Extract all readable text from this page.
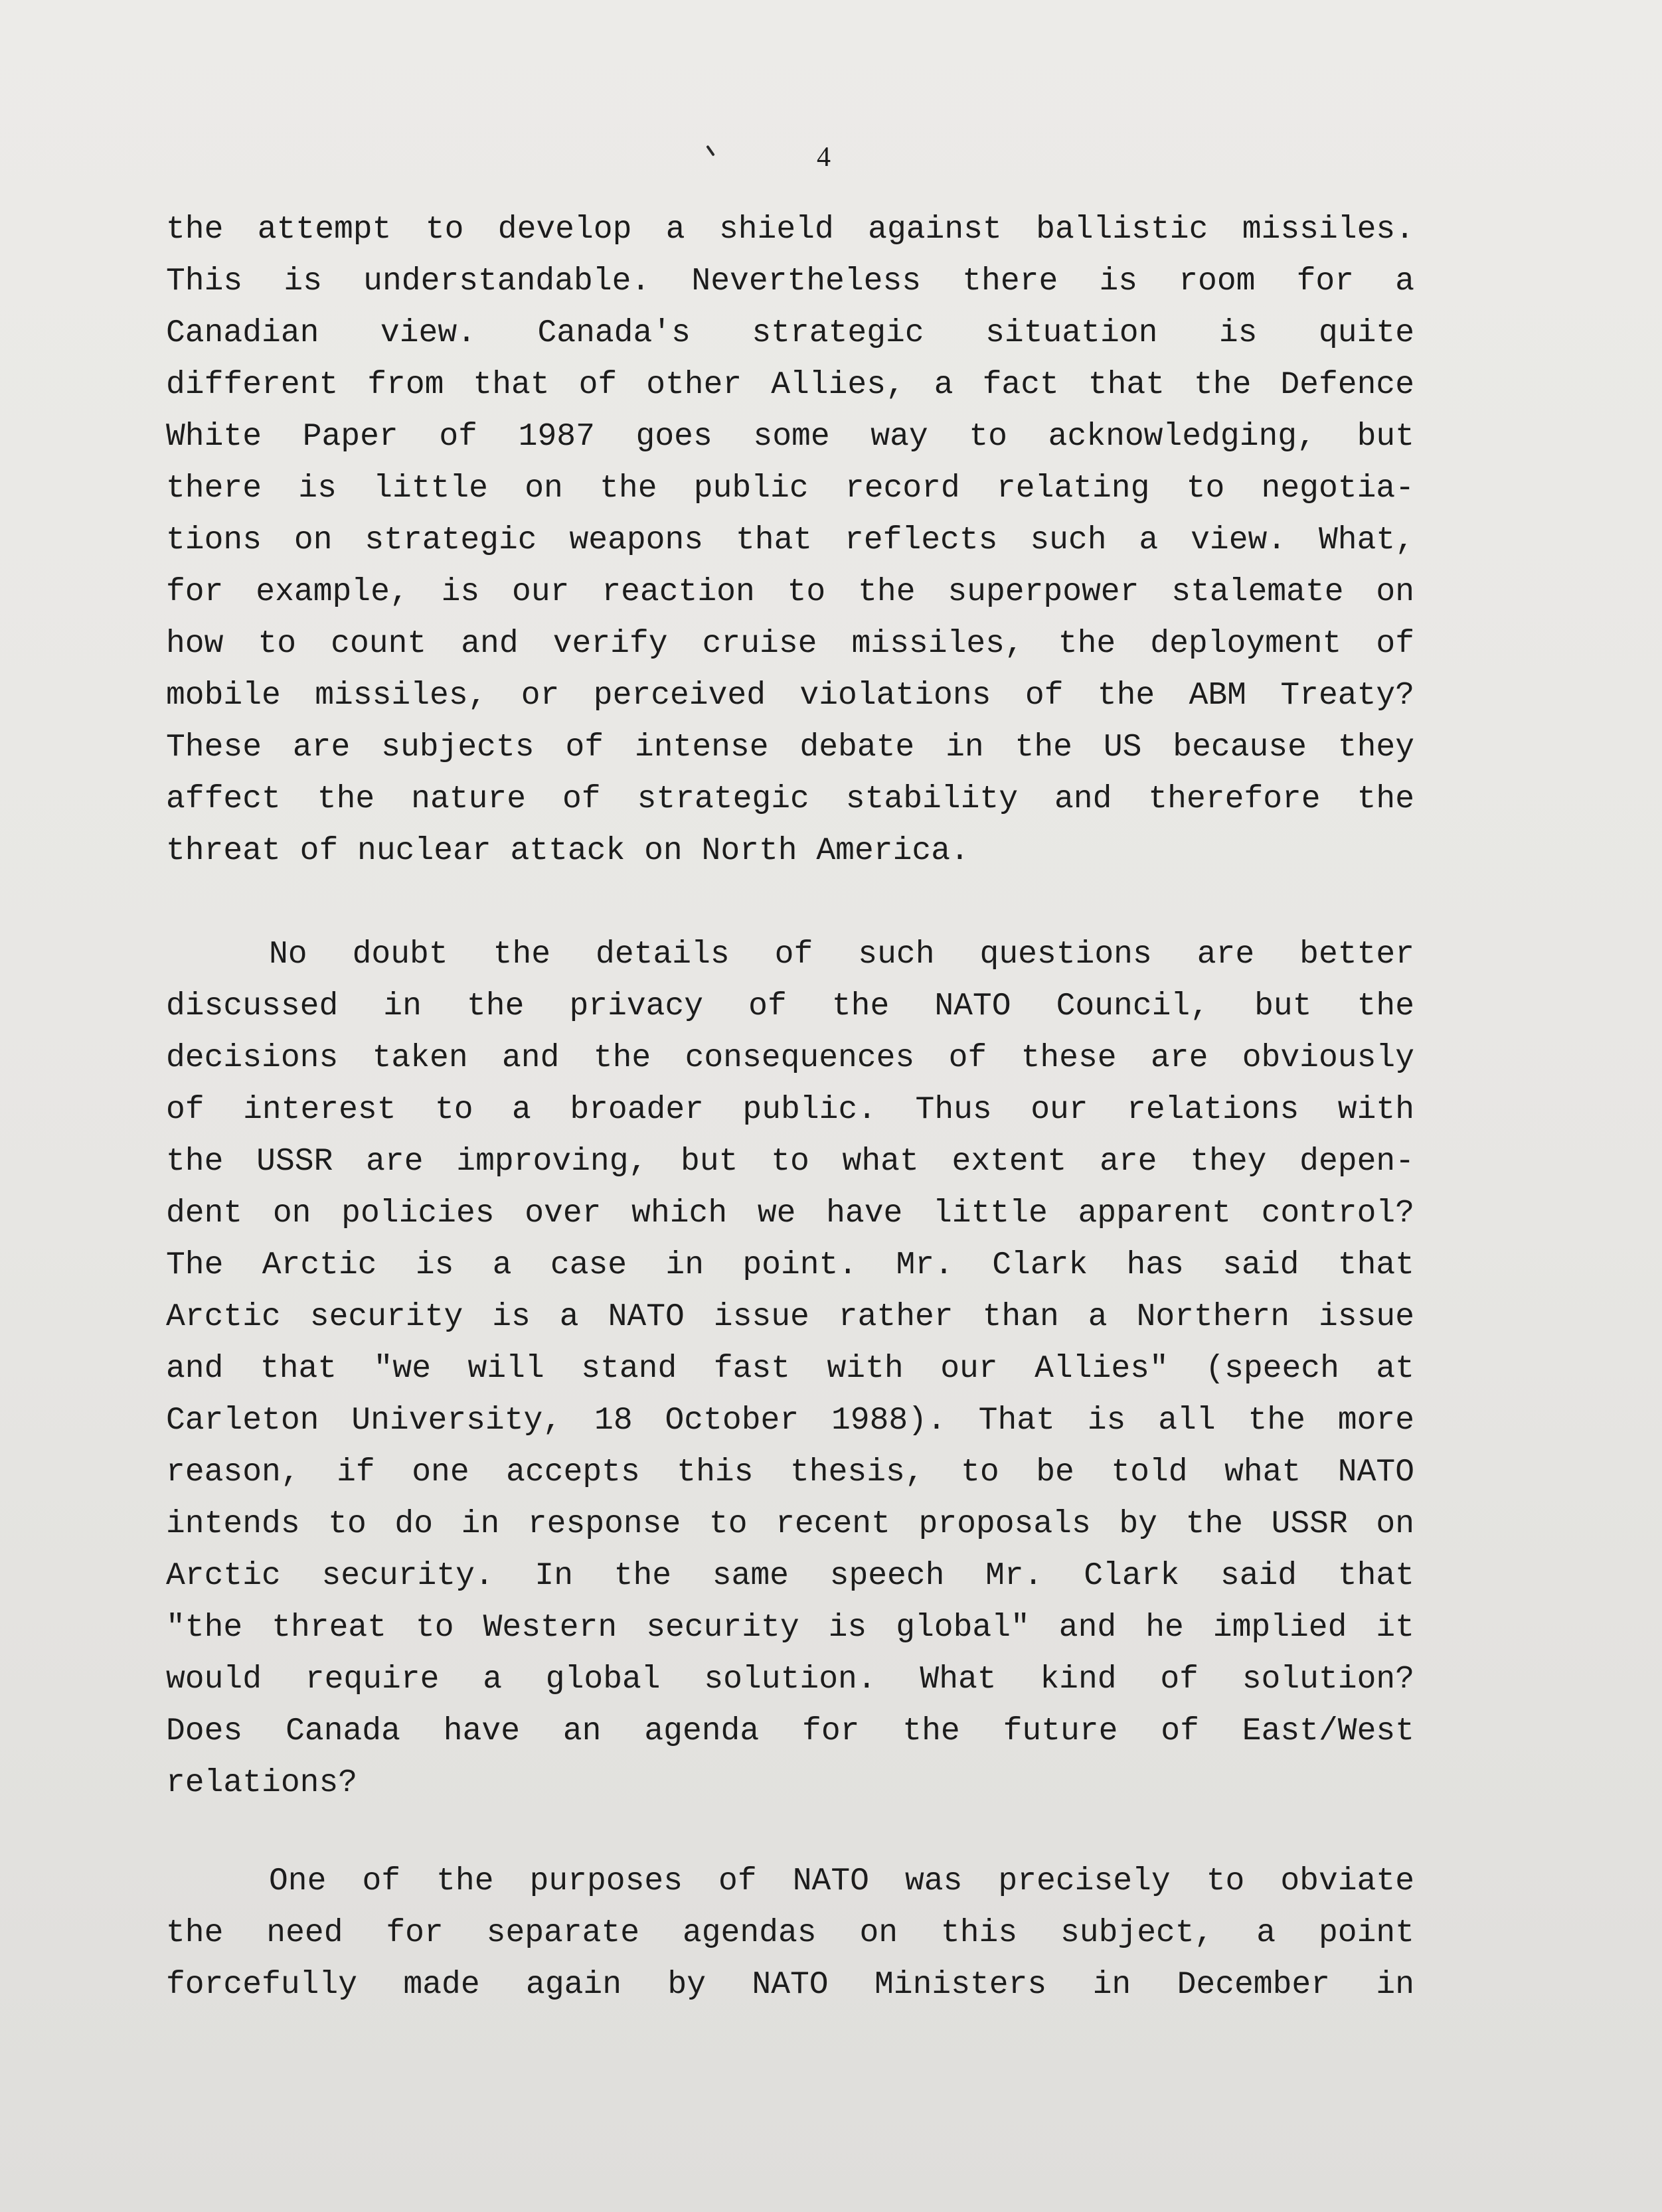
4
the attempt to develop a shield against ballistic missiles.
This is understandable. Nevertheless there is room for a
Canadian view. Canada's strategic situation is quite
different from that of other Allies, a fact that the Defence
White Paper of 1987 goes some way to acknowledging, but
there is little on the public record relating to negotia-
tions on strategic weapons that reflects such a view. What,
for example, is our reaction to the superpower stalemate on
how to count and verify cruise missiles, the deployment of
mobile missiles, or perceived violations of the ABM Treaty?
These are subjects of intense debate in the US because they
affect the nature of strategic stability and therefore the
threat of nuclear attack on North America.
No doubt the details of such questions are better
discussed in the privacy of the NATO Council, but the
decisions taken and the consequences of these are obviously
of interest to a broader public. Thus our relations with
the USSR are improving, but to what extent are they depen-
dent on policies over which we have little apparent control?
The Arctic is a case in point. Mr. Clark has said that
Arctic security is a NATO issue rather than a Northern issue
and that "we will stand fast with our Allies" (speech at
Carleton University, 18 October 1988). That is all the more
reason, if one accepts this thesis, to be told what NATO
intends to do in response to recent proposals by the USSR on
Arctic security. In the same speech Mr. Clark said that
"the threat to Western security is global" and he implied it
would require a global solution. What kind of solution?
Does Canada have an agenda for the future of East/West
relations?
One of the purposes of NATO was precisely to obviate
the need for separate agendas on this subject, a point
forcefully made again by NATO Ministers in December in
